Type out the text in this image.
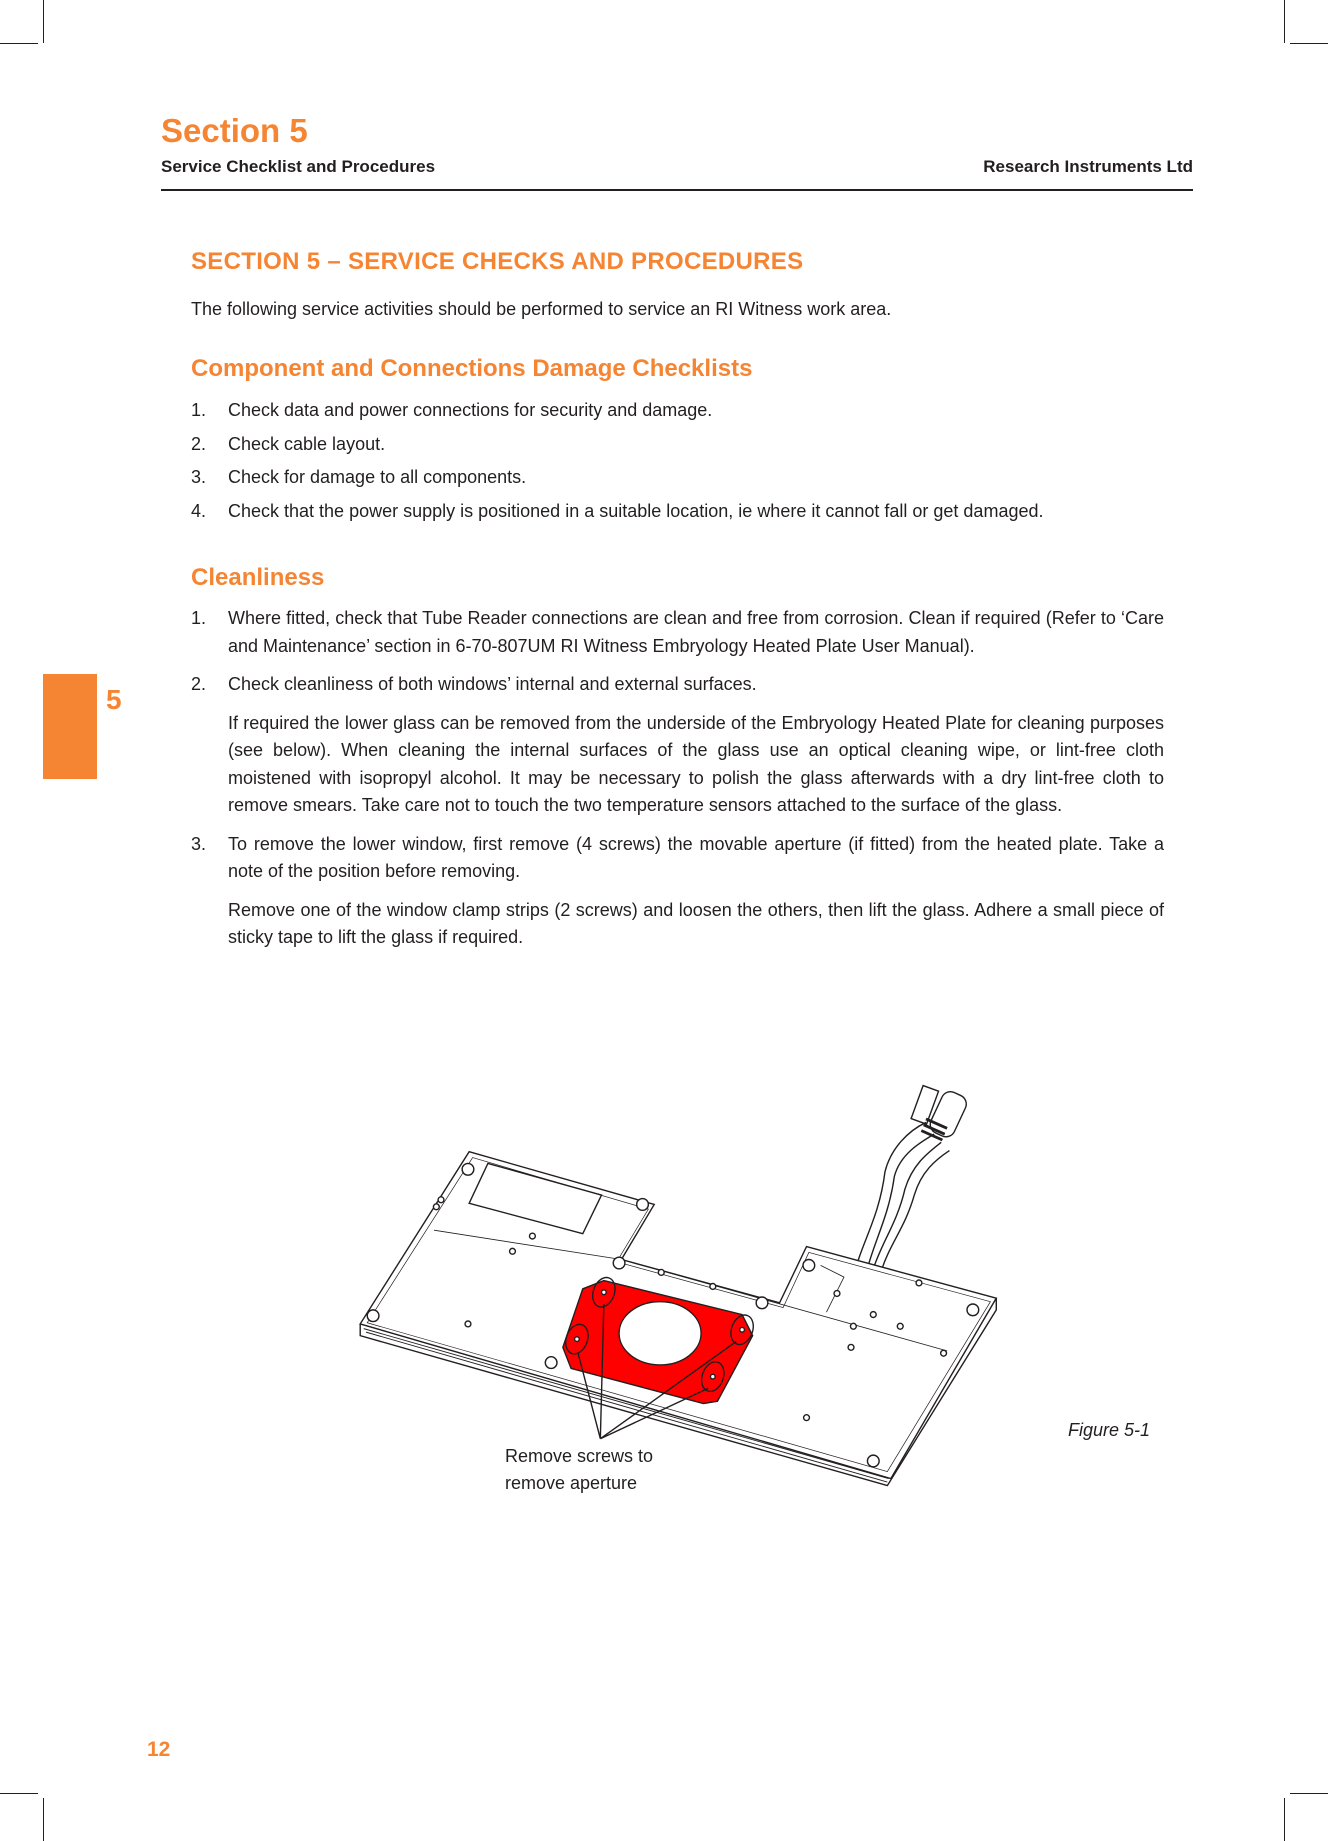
Section 5
Service Checklist and Procedures	Research Instruments Ltd
SECTION 5 – SERVICE CHECKS AND PROCEDURES
The following service activities should be performed to service an RI Witness work area.
Component and Connections Damage Checklists
1. Check data and power connections for security and damage.
2. Check cable layout.
3. Check for damage to all components.
4. Check that the power supply is positioned in a suitable location, ie where it cannot fall or get damaged.
Cleanliness
1. Where fitted, check that Tube Reader connections are clean and free from corrosion. Clean if required (Refer to ‘Care and Maintenance’ section in 6-70-807UM RI Witness Embryology Heated Plate User Manual).
2. Check cleanliness of both windows’ internal and external surfaces.

If required the lower glass can be removed from the underside of the Embryology Heated Plate for cleaning purposes (see below). When cleaning the internal surfaces of the glass use an optical cleaning wipe, or lint-free cloth moistened with isopropyl alcohol. It may be necessary to polish the glass afterwards with a dry lint-free cloth to remove smears. Take care not to touch the two temperature sensors attached to the surface of the glass.

3. To remove the lower window, first remove (4 screws) the movable aperture (if fitted) from the heated plate. Take a note of the position before removing.

Remove one of the window clamp strips (2 screws) and loosen the others, then lift the glass. Adhere a small piece of sticky tape to lift the glass if required.

5
Remove screws to
remove aperture
Figure 5-1
12
